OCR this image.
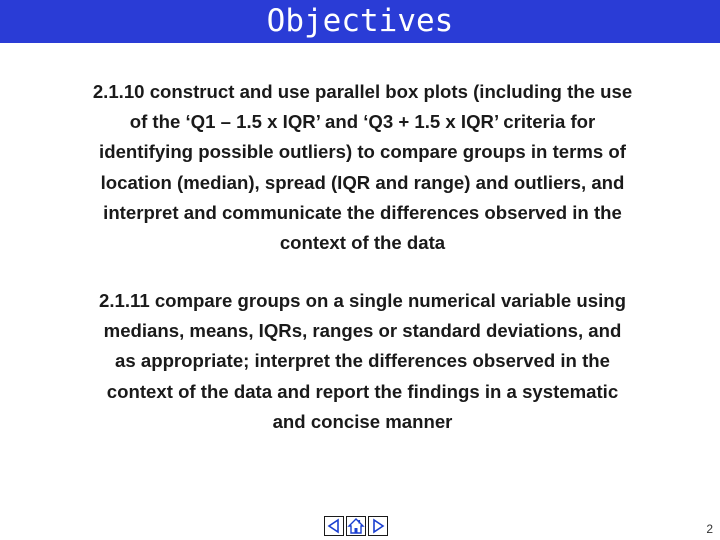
Objectives
2.1.10 construct and use parallel box plots (including the use
of the ‘Q1 – 1.5 x IQR’ and ‘Q3 + 1.5 x IQR’ criteria for
identifying possible outliers) to compare groups in terms of
location (median), spread (IQR and range) and outliers, and
interpret and communicate the differences observed in the
context of the data
2.1.11 compare groups on a single numerical variable using
medians, means, IQRs, ranges or standard deviations, and
as appropriate; interpret the differences observed in the
context of the data and report the findings in a systematic
and concise manner
2
